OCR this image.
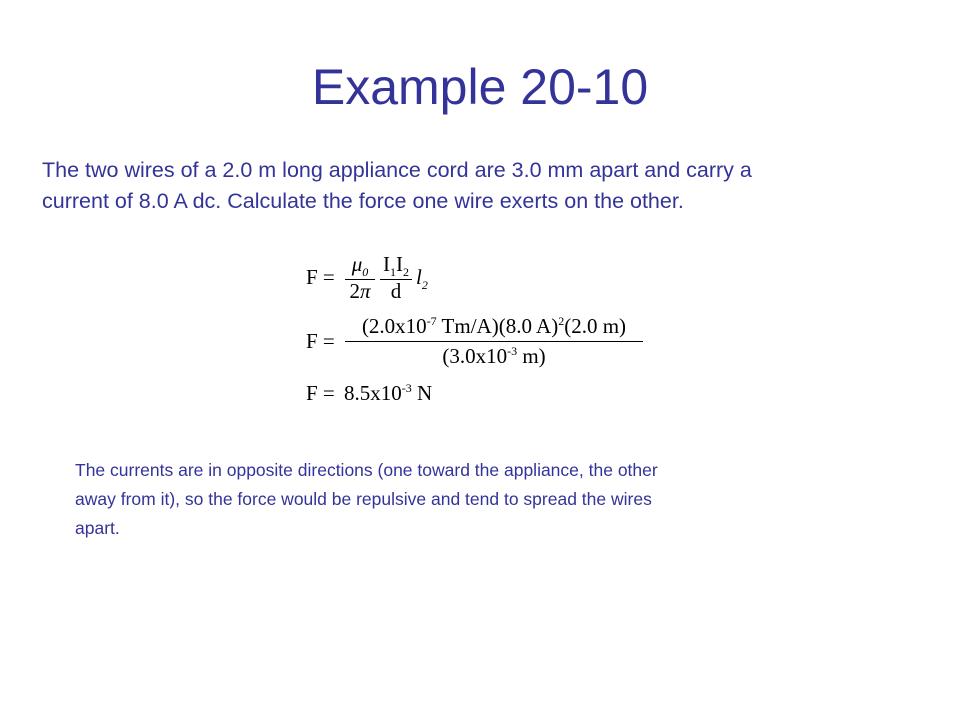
Example 20-10
The two wires of a 2.0 m long appliance cord are 3.0 mm apart and carry a
current of 8.0 A dc. Calculate the force one wire exerts on the other.
F =
$\mu_0$
2π
$I_1I_2$
d
$l_2$
F =
($2.0x10^{-7}$ Tm/A)(8.0 A)$^2$(2.0 m)
($3.0x10^{-3}$ m)
$F = 8.5x10^{-3}$ N
The currents are in opposite directions (one toward the appliance, the other
away from it), so the force would be repulsive and tend to spread the wires
apart.
